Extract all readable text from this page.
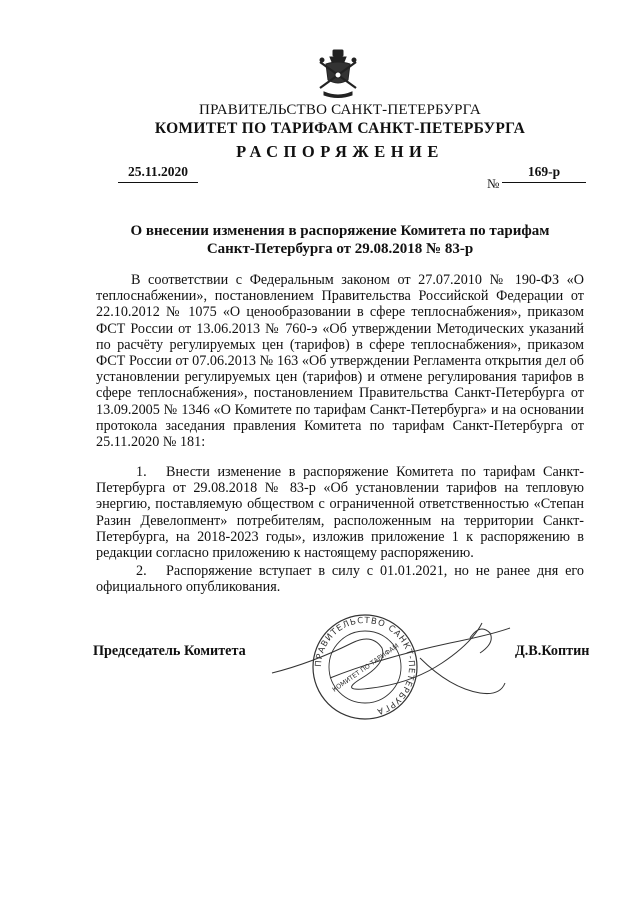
ПРАВИТЕЛЬСТВО САНКТ-ПЕТЕРБУРГА
КОМИТЕТ ПО ТАРИФАМ САНКТ-ПЕТЕРБУРГА
РАСПОРЯЖЕНИЕ
25.11.2020
№
169-р
О внесении изменения в распоряжение Комитета по тарифам
Санкт-Петербурга от 29.08.2018 № 83-р
В соответствии с Федеральным законом от 27.07.2010 № 190-ФЗ «О теплоснабжении», постановлением Правительства Российской Федерации от 22.10.2012 № 1075 «О ценообразовании в сфере теплоснабжения», приказом ФСТ России от 13.06.2013 № 760-э «Об утверждении Методических указаний по расчёту регулируемых цен (тарифов) в сфере теплоснабжения», приказом ФСТ России от 07.06.2013 № 163 «Об утверждении Регламента открытия дел об установлении регулируемых цен (тарифов) и отмене регулирования тарифов в сфере теплоснабжения», постановлением Правительства Санкт-Петербурга от 13.09.2005 № 1346 «О Комитете по тарифам Санкт-Петербурга» и на основании протокола заседания правления Комитета по тарифам Санкт-Петербурга от 25.11.2020 № 181:
1. Внести изменение в распоряжение Комитета по тарифам Санкт-Петербурга от 29.08.2018 № 83-р «Об установлении тарифов на тепловую энергию, поставляемую обществом с ограниченной ответственностью «Степан Разин Девелопмент» потребителям, расположенным на территории Санкт-Петербурга, на 2018-2023 годы», изложив приложение 1 к распоряжению в редакции согласно приложению к настоящему распоряжению.
2. Распоряжение вступает в силу с 01.01.2021, но не ранее дня его официального опубликования.
Председатель Комитета	Д.В.Коптин
ПРАВИТЕЛЬСТВО САНКТ-ПЕТЕРБУРГА
КОМИТЕТ ПО ТАРИФАМ
